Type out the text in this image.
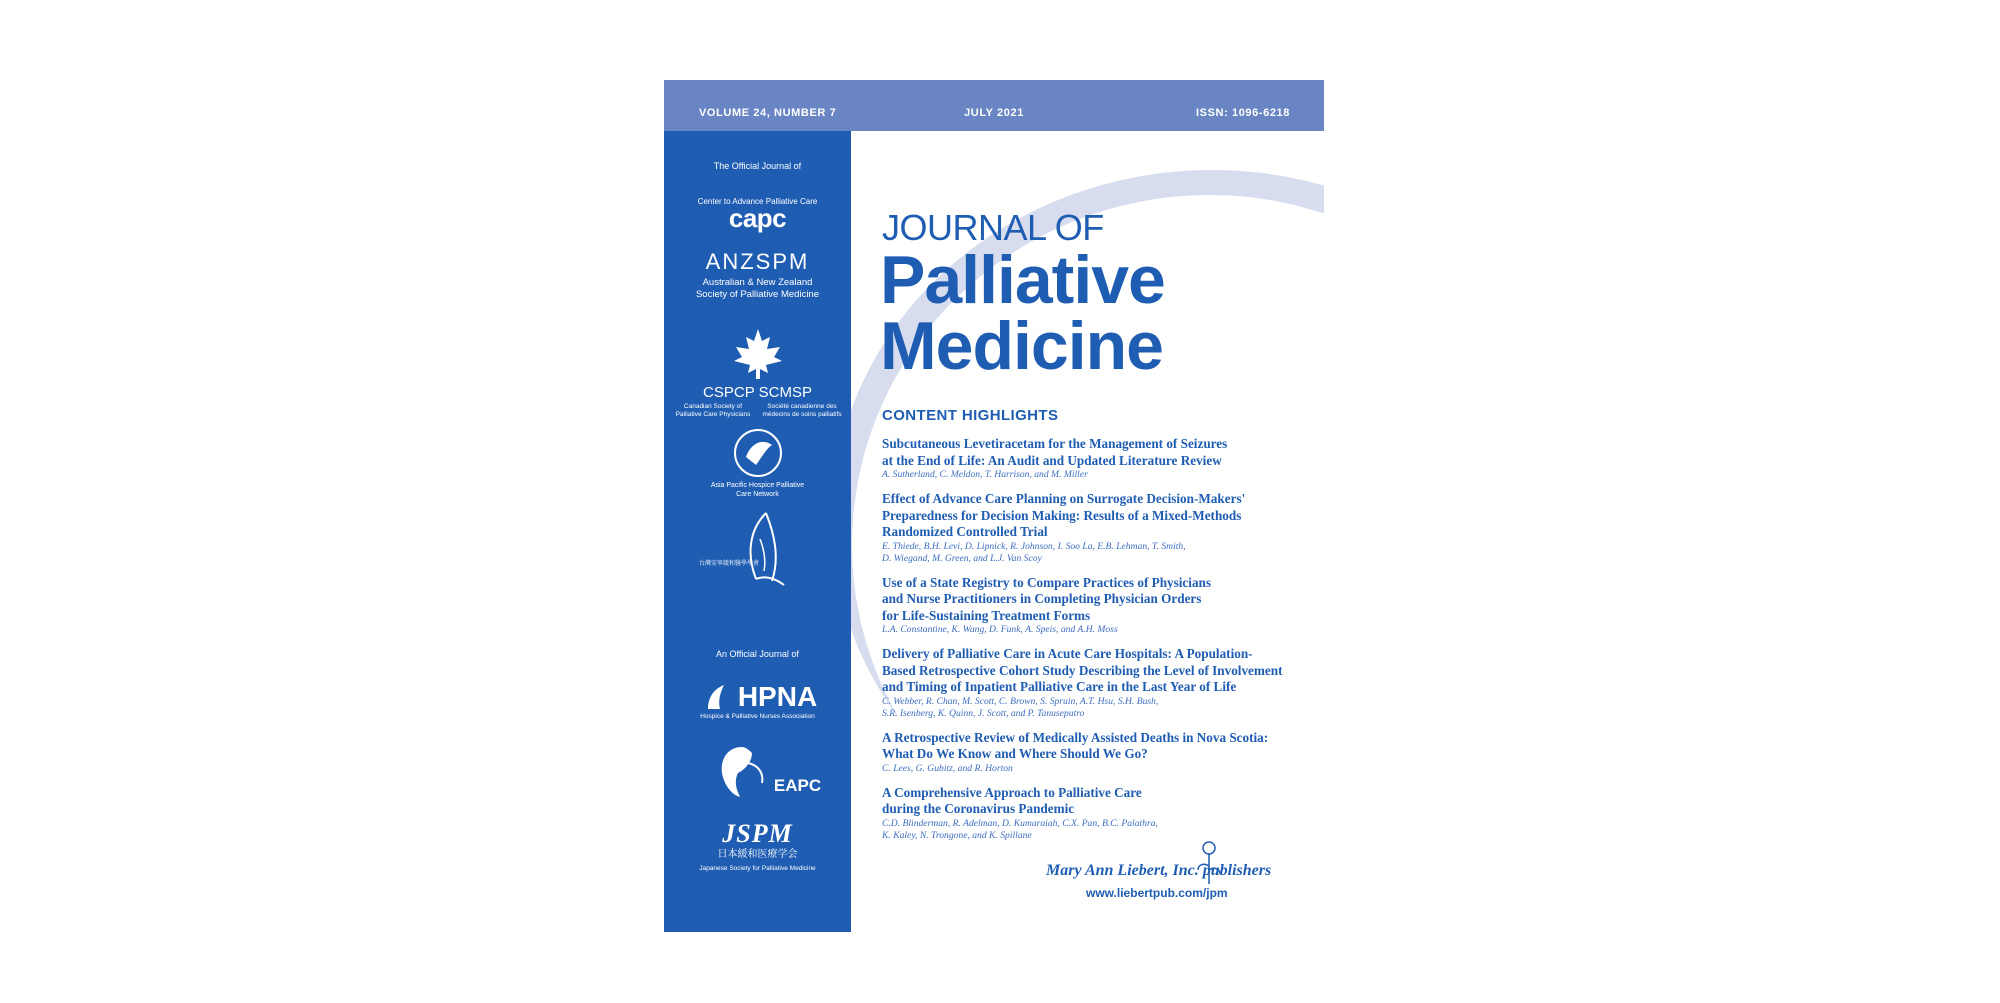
VOLUME 24, NUMBER 7	JULY 2021	ISSN: 1096-6218
The Official Journal of
Center to Advance Palliative Care
capc
ANZSPM
Australian & New Zealand Society of Palliative Medicine
CSPCP SCMSP
Canadian Society of Palliative Care Physicians
Société canadienne des médecins de soins palliatifs
Asia Pacific Hospice Palliative Care Network
台灣安寧緩和醫學學會
An Official Journal of
HPNA
Hospice & Palliative Nurses Association
EAPC
JSPM
日本緩和医療学会
Japanese Society for Palliative Medicine
JOURNAL OF
Palliative
Medicine
CONTENT HIGHLIGHTS
Subcutaneous Levetiracetam for the Management of Seizures
at the End of Life: An Audit and Updated Literature Review
A. Sutherland, C. Meldon, T. Harrison, and M. Miller
Effect of Advance Care Planning on Surrogate Decision-Makers'
Preparedness for Decision Making: Results of a Mixed-Methods
Randomized Controlled Trial
E. Thiede, B.H. Levi, D. Lipnick, R. Johnson, I. Soo La, E.B. Lehman, T. Smith,
D. Wiegand, M. Green, and L.J. Van Scoy
Use of a State Registry to Compare Practices of Physicians
and Nurse Practitioners in Completing Physician Orders
for Life-Sustaining Treatment Forms
L.A. Constantine, K. Wang, D. Funk, A. Speis, and A.H. Moss
Delivery of Palliative Care in Acute Care Hospitals: A Population-
Based Retrospective Cohort Study Describing the Level of Involvement
and Timing of Inpatient Palliative Care in the Last Year of Life
C. Webber, R. Chan, M. Scott, C. Brown, S. Spruin, A.T. Hsu, S.H. Bush,
S.R. Isenberg, K. Quinn, J. Scott, and P. Tanuseputro
A Retrospective Review of Medically Assisted Deaths in Nova Scotia:
What Do We Know and Where Should We Go?
C. Lees, G. Gubitz, and R. Horton
A Comprehensive Approach to Palliative Care
during the Coronavirus Pandemic
C.D. Blinderman, R. Adelman, D. Kumaraiah, C.X. Pan, B.C. Palathra,
K. Kaley, N. Trongone, and K. Spillane
Mary Ann Liebert, Inc. publishers
www.liebertpub.com/jpm
